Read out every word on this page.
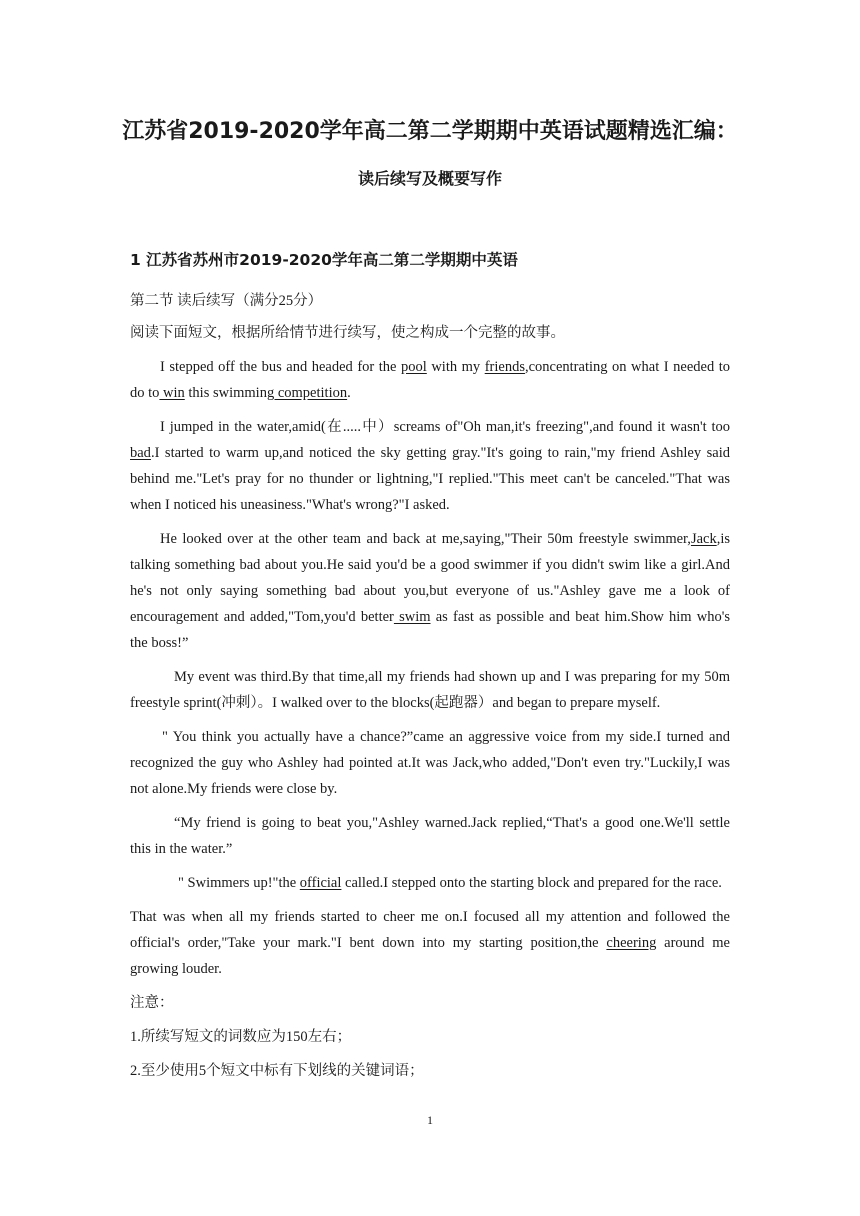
江苏省2019-2020学年高二第二学期期中英语试题精选汇编：
读后续写及概要写作
1 江苏省苏州市2019-2020学年高二第二学期期中英语

第二节 读后续写（满分25分）

阅读下面短文，根据所给情节进行续写，使之构成一个完整的故事。

I stepped off the bus and headed for the pool with my friends,concentrating on what I needed to do to win this swimming competition.

I jumped in the water,amid(在.....中）screams of"Oh man,it's freezing",and found it wasn't too bad.I started to warm up,and noticed the sky getting gray."It's going to rain,"my friend Ashley said behind me."Let's pray for no thunder or lightning,"I replied."This meet can't be canceled."That was when I noticed his uneasiness."What's wrong?"I asked.

He looked over at the other team and back at me,saying,"Their 50m freestyle swimmer,Jack,is talking something bad about you.He said you'd be a good swimmer if you didn't swim like a girl.And he's not only saying something bad about you,but everyone of us."Ashley gave me a look of encouragement and added,"Tom,you'd better swim as fast as possible and beat him.Show him who's the boss!”

My event was third.By that time,all my friends had shown up and I was preparing for my 50m freestyle sprint(冲刺）。I walked over to the blocks(起跑器）and began to prepare myself.

" You think you actually have a chance?”came an aggressive voice from my side.I turned and recognized the guy who Ashley had pointed at.It was Jack,who added,"Don't even try."Luckily,I was not alone.My friends were close by.

“My friend is going to beat you,"Ashley warned.Jack replied,“That's a good one.We'll settle this in the water.”

" Swimmers up!"the official called.I stepped onto the starting block and prepared for the race.

That was when all my friends started to cheer me on.I focused all my attention and followed the official's order,"Take your mark."I bent down into my starting position,the cheering around me growing louder.

注意：

1.所续写短文的词数应为150左右；

2.至少使用5个短文中标有下划线的关键词语；

1
